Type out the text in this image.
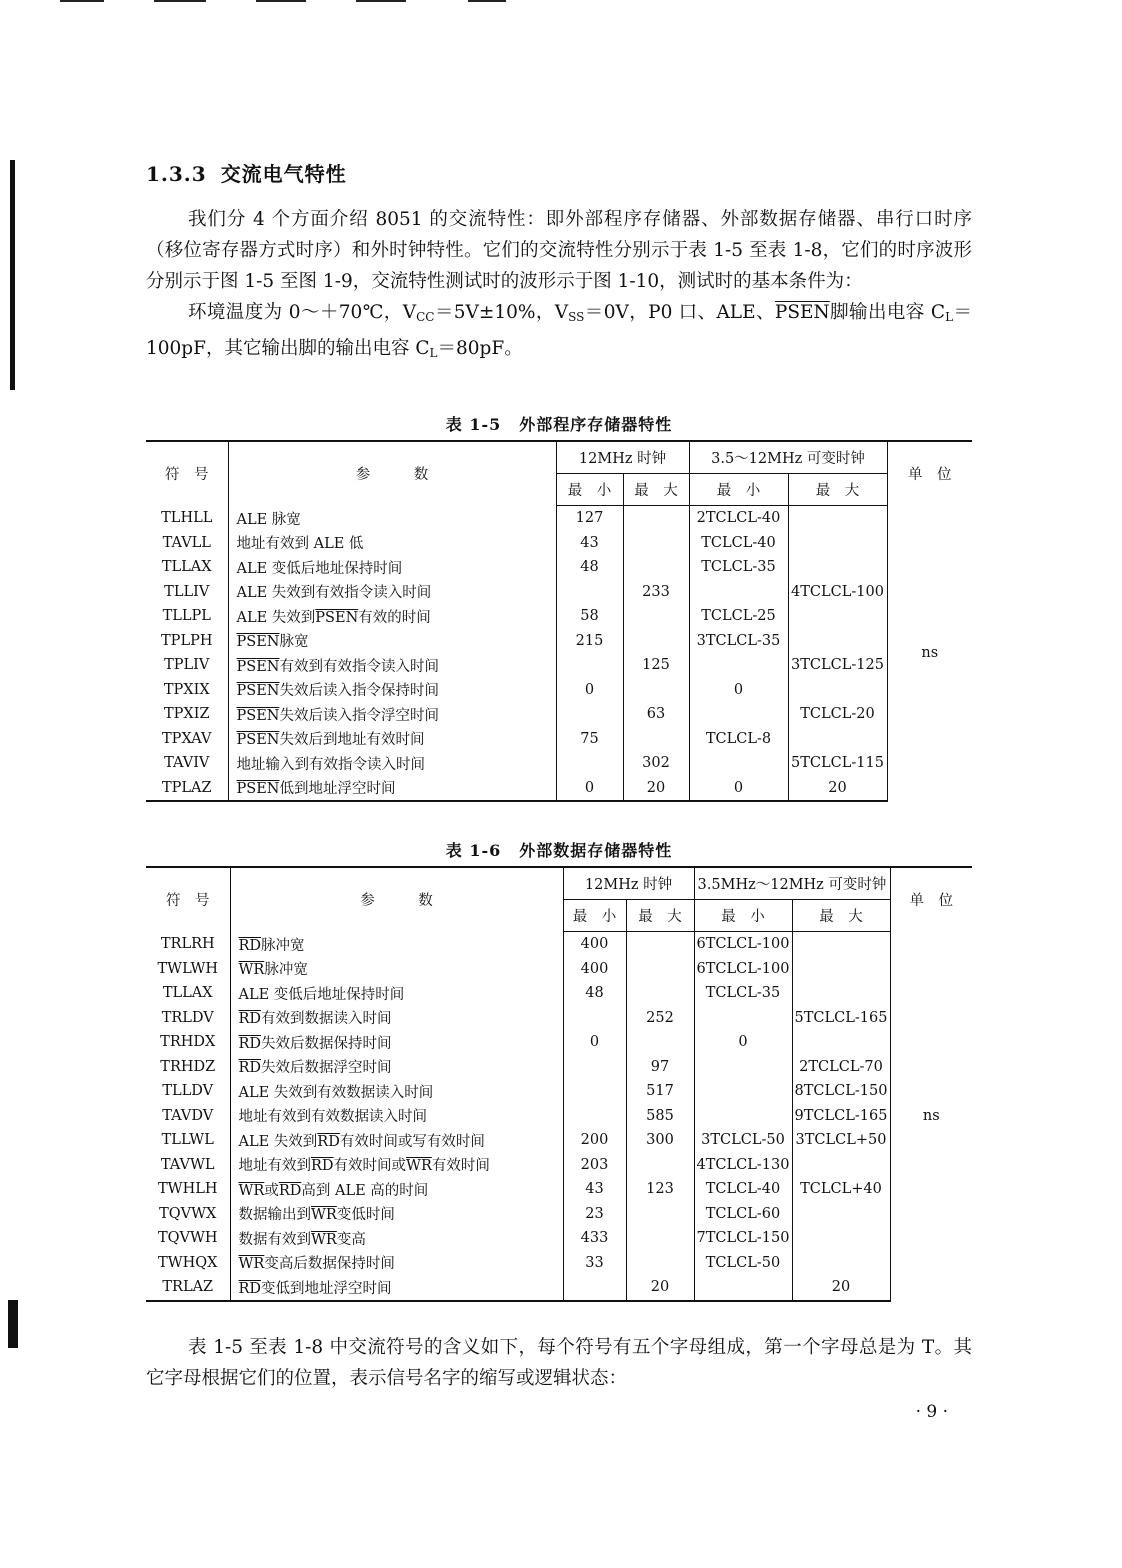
1.3.3 交流电气特性

我们分 4 个方面介绍 8051 的交流特性：即外部程序存储器、外部数据存储器、串行口时序（移位寄存器方式时序）和外时钟特性。它们的交流特性分别示于表 1-5 至表 1-8，它们的时序波形分别示于图 1-5 至图 1-9，交流特性测试时的波形示于图 1-10，测试时的基本条件为：

环境温度为 0～＋70℃，$V_{CC}=5V\pm 10\%$，$V_{SS}=0V$，P0 口、ALE、PSEN脚输出电容 $C_L=100pF$，其它输出脚的输出电容 $C_L=80pF$。

表 1-5 外部程序存储器特性
符　号	参　　　数	12MHz 时钟		3.5～12MHz 可变时钟		单　位
		最　小	最　大	最　小	最　大	
TLHLL	ALE 脉宽	127		2TCLCL-40		ns
TAVLL	地址有效到 ALE 低	43		TCLCL-40		
TLLAX	ALE 变低后地址保持时间	48		TCLCL-35		
TLLIV	ALE 失效到有效指令读入时间		233		4TCLCL-100	
TLLPL	ALE 失效到PSEN有效的时间	58		TCLCL-25		
TPLPH	PSEN脉宽	215		3TCLCL-35		
TPLIV	PSEN有效到有效指令读入时间		125		3TCLCL-125	
TPXIX	PSEN失效后读入指令保持时间	0		0		
TPXIZ	PSEN失效后读入指令浮空时间		63		TCLCL-20	
TPXAV	PSEN失效后到地址有效时间	75		TCLCL-8		
TAVIV	地址输入到有效指令读入时间		302		5TCLCL-115	
TPLAZ	PSEN低到地址浮空时间	0	20	0	20	
表 1-6 外部数据存储器特性
符　号	参　　　数	12MHz 时钟		3.5MHz～12MHz 可变时钟		单　位
		最　小	最　大	最　小	最　大	
TRLRH	$\overline{RD}$脉冲宽	400		6TCLCL-100		ns
TWLWH	$\overline{WR}$脉冲宽	400		6TCLCL-100		
TLLAX	ALE 变低后地址保持时间	48		TCLCL-35		
TRLDV	$\overline{RD}$有效到数据读入时间		252		5TCLCL-165	
TRHDX	$\overline{RD}$失效后数据保持时间	0		0		
TRHDZ	$\overline{RD}$失效后数据浮空时间		97		2TCLCL-70	
TLLDV	ALE 失效到有效数据读入时间		517		8TCLCL-150	
TAVDV	地址有效到有效数据读入时间		585		9TCLCL-165	
TLLWL	ALE 失效到$\overline{RD}$有效时间或写有效时间	200	300	3TCLCL-50	3TCLCL+50	
TAVWL	地址有效到$\overline{RD}$有效时间或$\overline{WR}$有效时间	203		4TCLCL-130		
TWHLH	$\overline{WR}$或$\overline{RD}$高到 ALE 高的时间	43	123	TCLCL-40	TCLCL+40	
TQVWX	数据输出到$\overline{WR}$变低时间	23		TCLCL-60		
TQVWH	数据有效到$\overline{WR}$变高	433		7TCLCL-150		
TWHQX	$\overline{WR}$变高后数据保持时间	33		TCLCL-50		
TRLAZ	$\overline{RD}$变低到地址浮空时间		20		20	

表 1-5 至表 1-8 中交流符号的含义如下，每个符号有五个字母组成，第一个字母总是为 T。其它字母根据它们的位置，表示信号名字的缩写或逻辑状态：

· 9 ·
